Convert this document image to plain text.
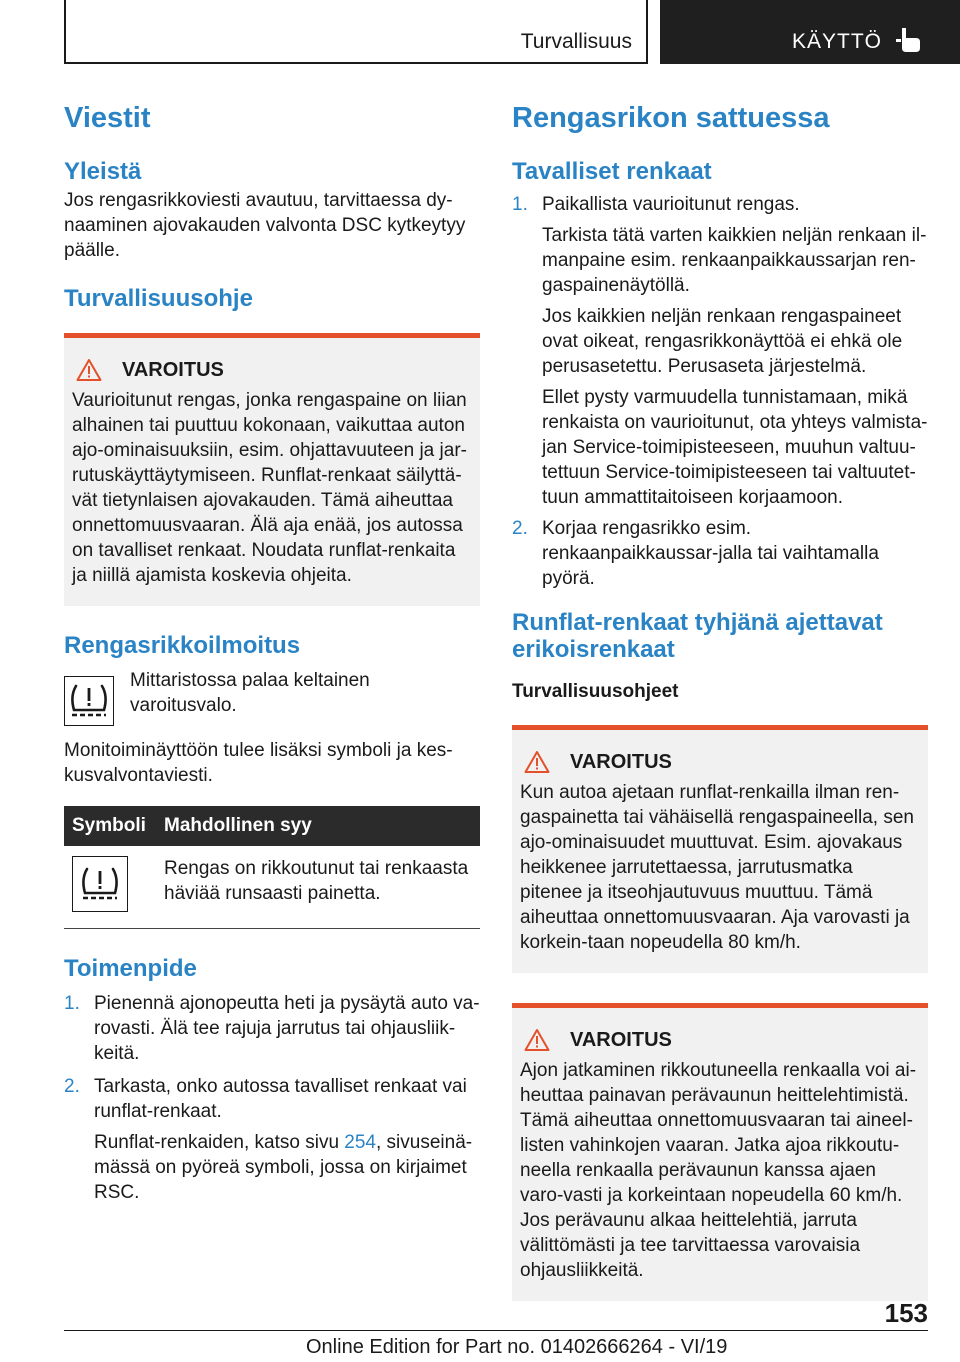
Turvallisuus	KÄYTTÖ
Viestit
Yleistä

Jos rengasrikkoviesti avautuu, tarvittaessa dy-naaminen ajovakauden valvonta DSC kytkeytyy päälle.

Turvallisuusohje
VAROITUS

Vaurioitunut rengas, jonka rengaspaine on liian alhainen tai puuttuu kokonaan, vaikuttaa auton ajo-ominaisuuksiin, esim. ohjattavuuteen ja jar-rutuskäyttäytymiseen. Runflat-renkaat säilyttä-vät tietynlaisen ajovakauden. Tämä aiheuttaa onnettomuusvaaran. Älä aja enää, jos autossa on tavalliset renkaat. Noudata runflat-renkaita ja niillä ajamista koskevia ohjeita.

Rengasrikkoilmoitus

Mittaristossa palaa keltainen varoitusvalo.

Monitoiminäyttöön tulee lisäksi symboli ja kes-kusvalvontaviesti.

Symboli	Mahdollinen syy

	Rengas on rikkoutunut tai renkaasta häviää runsaasti painetta.
Toimenpide
1. Pienennä ajonopeutta heti ja pysäytä auto va-rovasti. Älä tee rajuja jarrutus tai ohjausliik-keitä.
2. Tarkasta, onko autossa tavalliset renkaat vai runflat-renkaat.

Runflat-renkaiden, katso sivu 254, sivuseinä-mässä on pyöreä symboli, jossa on kirjaimet RSC.

Rengasrikon sattuessa
Tavalliset renkaat
1. Paikallista vaurioitunut rengas.

Tarkista tätä varten kaikkien neljän renkaan il-manpaine esim. renkaanpaikkaussarjan ren-gaspainenäytöllä.

Jos kaikkien neljän renkaan rengaspaineet ovat oikeat, rengasrikkonäyttöä ei ehkä ole perusasetettu. Perusaseta järjestelmä.

Ellet pysty varmuudella tunnistamaan, mikä renkaista on vaurioitunut, ota yhteys valmista-jan Service-toimipisteeseen, muuhun valtuu-tettuun Service-toimipisteeseen tai valtuutet-tuun ammattitaitoiseen korjaamoon.

2. Korjaa rengasrikko esim. renkaanpaikkaussar-jalla tai vaihtamalla pyörä.
Runflat-renkaat tyhjänä ajettavat erikoisrenkaat
Turvallisuusohjeet
VAROITUS

Kun autoa ajetaan runflat-renkailla ilman ren-gaspainetta tai vähäisellä rengaspaineella, sen ajo-ominaisuudet muuttuvat. Esim. ajovakaus heikkenee jarrutettaessa, jarrutusmatka pitenee ja itseohjautuvuus muuttuu. Tämä aiheuttaa onnettomuusvaaran. Aja varovasti ja korkein-taan nopeudella 80 km/h.

VAROITUS

Ajon jatkaminen rikkoutuneella renkaalla voi ai-heuttaa painavan perävaunun heittelehtimistä. Tämä aiheuttaa onnettomuusvaaran tai aineel-listen vahinkojen vaaran. Jatka ajoa rikkoutu-neella renkaalla perävaunun kanssa ajaen varo-vasti ja korkeintaan nopeudella 60 km/h. Jos perävaunu alkaa heittelehtiä, jarruta välittömästi ja tee tarvittaessa varovaisia ohjausliikkeitä.

153
Online Edition for Part no. 01402666264 - VI/19
